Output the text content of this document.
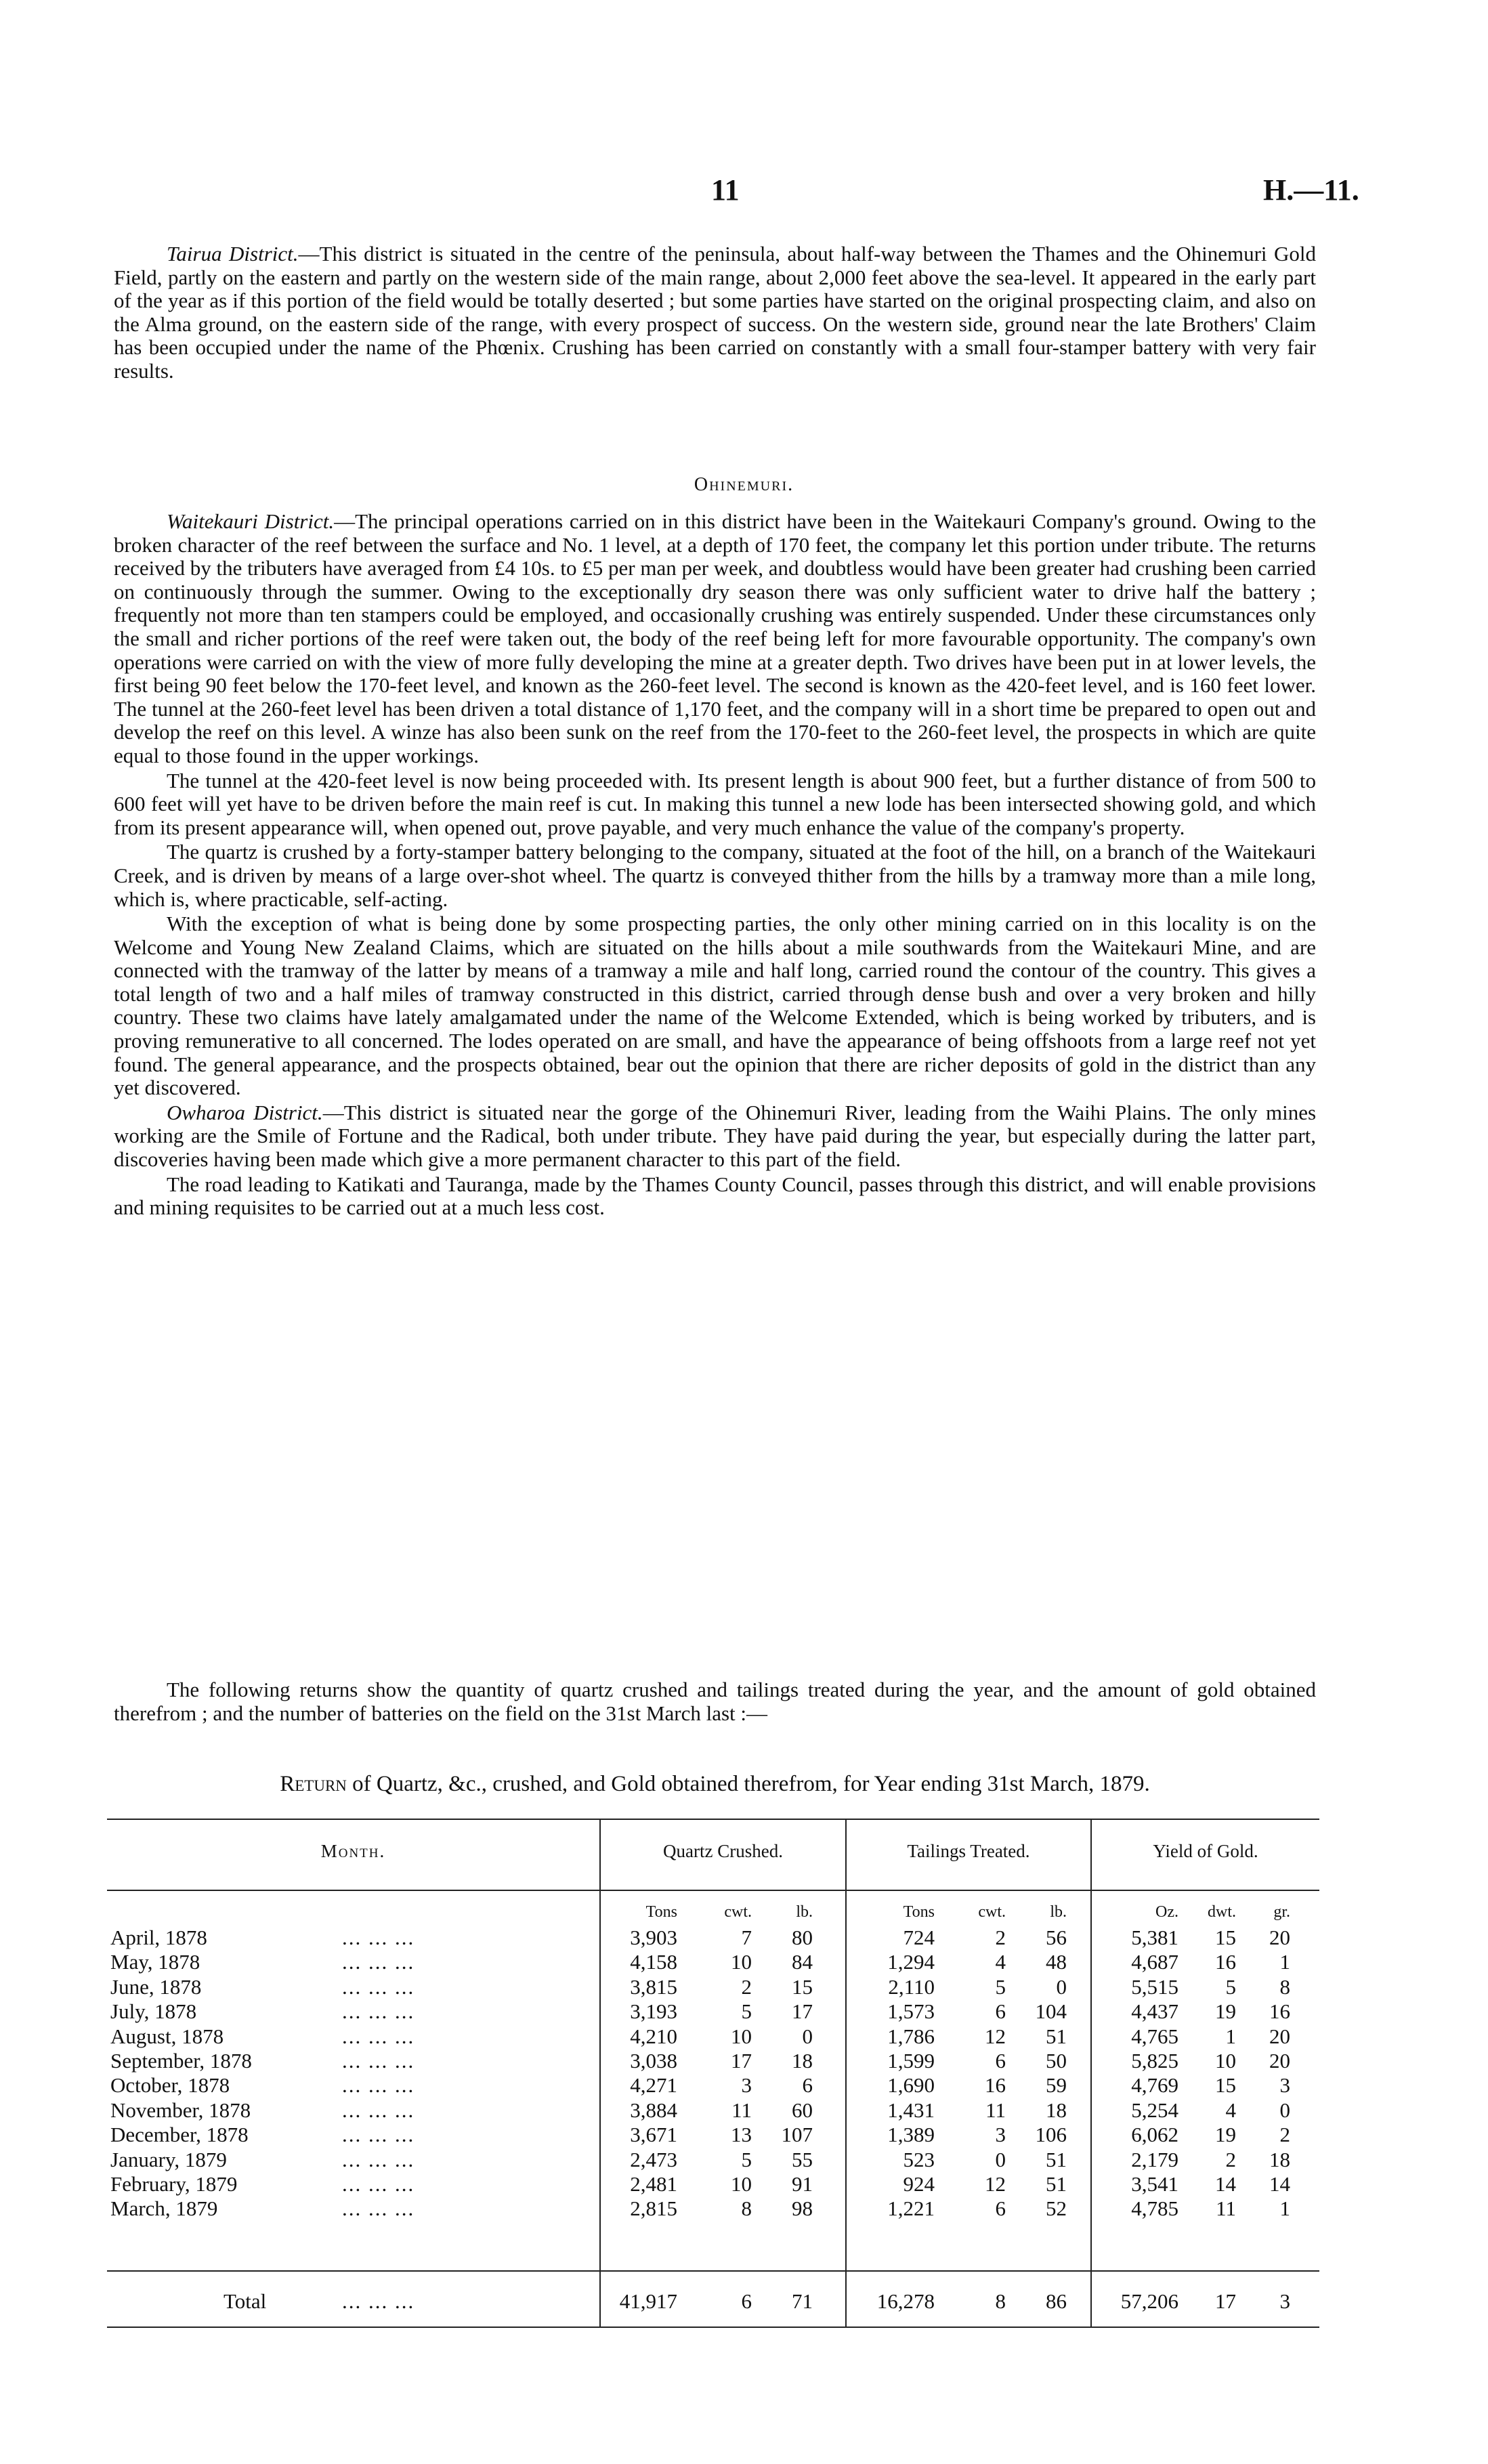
11	H.—11.

Tairua District.—This district is situated in the centre of the peninsula, about half-way between the Thames and the Ohinemuri Gold Field, partly on the eastern and partly on the western side of the main range, about 2,000 feet above the sea-level. It appeared in the early part of the year as if this portion of the field would be totally deserted ; but some parties have started on the original prospecting claim, and also on the Alma ground, on the eastern side of the range, with every prospect of success. On the western side, ground near the late Brothers' Claim has been occupied under the name of the Phœnix. Crushing has been carried on constantly with a small four-stamper battery with very fair results.

Ohinemuri.

Waitekauri District.—The principal operations carried on in this district have been in the Waitekauri Company's ground. Owing to the broken character of the reef between the surface and No. 1 level, at a depth of 170 feet, the company let this portion under tribute. The returns received by the tributers have averaged from £4 10s. to £5 per man per week, and doubtless would have been greater had crushing been carried on continuously through the summer. Owing to the exceptionally dry season there was only sufficient water to drive half the battery ; frequently not more than ten stampers could be employed, and occasionally crushing was entirely suspended. Under these circumstances only the small and richer portions of the reef were taken out, the body of the reef being left for more favourable opportunity. The company's own operations were carried on with the view of more fully developing the mine at a greater depth. Two drives have been put in at lower levels, the first being 90 feet below the 170-feet level, and known as the 260-feet level. The second is known as the 420-feet level, and is 160 feet lower. The tunnel at the 260-feet level has been driven a total distance of 1,170 feet, and the company will in a short time be prepared to open out and develop the reef on this level. A winze has also been sunk on the reef from the 170-feet to the 260-feet level, the prospects in which are quite equal to those found in the upper workings.

The tunnel at the 420-feet level is now being proceeded with. Its present length is about 900 feet, but a further distance of from 500 to 600 feet will yet have to be driven before the main reef is cut. In making this tunnel a new lode has been intersected showing gold, and which from its present appearance will, when opened out, prove payable, and very much enhance the value of the company's property.

The quartz is crushed by a forty-stamper battery belonging to the company, situated at the foot of the hill, on a branch of the Waitekauri Creek, and is driven by means of a large over-shot wheel. The quartz is conveyed thither from the hills by a tramway more than a mile long, which is, where practicable, self-acting.

With the exception of what is being done by some prospecting parties, the only other mining carried on in this locality is on the Welcome and Young New Zealand Claims, which are situated on the hills about a mile southwards from the Waitekauri Mine, and are connected with the tramway of the latter by means of a tramway a mile and half long, carried round the contour of the country. This gives a total length of two and a half miles of tramway constructed in this district, carried through dense bush and over a very broken and hilly country. These two claims have lately amalgamated under the name of the Welcome Extended, which is being worked by tributers, and is proving remunerative to all concerned. The lodes operated on are small, and have the appearance of being offshoots from a large reef not yet found. The general appearance, and the prospects obtained, bear out the opinion that there are richer deposits of gold in the district than any yet discovered.

Owharoa District.—This district is situated near the gorge of the Ohinemuri River, leading from the Waihi Plains. The only mines working are the Smile of Fortune and the Radical, both under tribute. They have paid during the year, but especially during the latter part, discoveries having been made which give a more permanent character to this part of the field.

The road leading to Katikati and Tauranga, made by the Thames County Council, passes through this district, and will enable provisions and mining requisites to be carried out at a much less cost.

The following returns show the quantity of quartz crushed and tailings treated during the year, and the amount of gold obtained therefrom ; and the number of batteries on the field on the 31st March last :—

Return of Quartz, &c., crushed, and Gold obtained therefrom, for Year ending 31st March, 1879.
Month.	Quartz Crushed.	Tailings Treated.	Yield of Gold.
Tons	cwt.	lb.	Tons	cwt.	lb.	Oz.	dwt.	gr.
April, 1878	... ... ...	3,903	7	80	724	2	56	5,381	15	20
May, 1878	... ... ...	4,158	10	84	1,294	4	48	4,687	16	1
June, 1878	... ... ...	3,815	2	15	2,110	5	0	5,515	5	8
July, 1878	... ... ...	3,193	5	17	1,573	6	104	4,437	19	16
August, 1878	... ... ...	4,210	10	0	1,786	12	51	4,765	1	20
September, 1878	... ... ...	3,038	17	18	1,599	6	50	5,825	10	20
October, 1878	... ... ...	4,271	3	6	1,690	16	59	4,769	15	3
November, 1878	... ... ...	3,884	11	60	1,431	11	18	5,254	4	0
December, 1878	... ... ...	3,671	13	107	1,389	3	106	6,062	19	2
January, 1879	... ... ...	2,473	5	55	523	0	51	2,179	2	18
February, 1879	... ... ...	2,481	10	91	924	12	51	3,541	14	14
March, 1879	... ... ...	2,815	8	98	1,221	6	52	4,785	11	1
Total	... ... ...	41,917	6	71	16,278	8	86	57,206	17	3
